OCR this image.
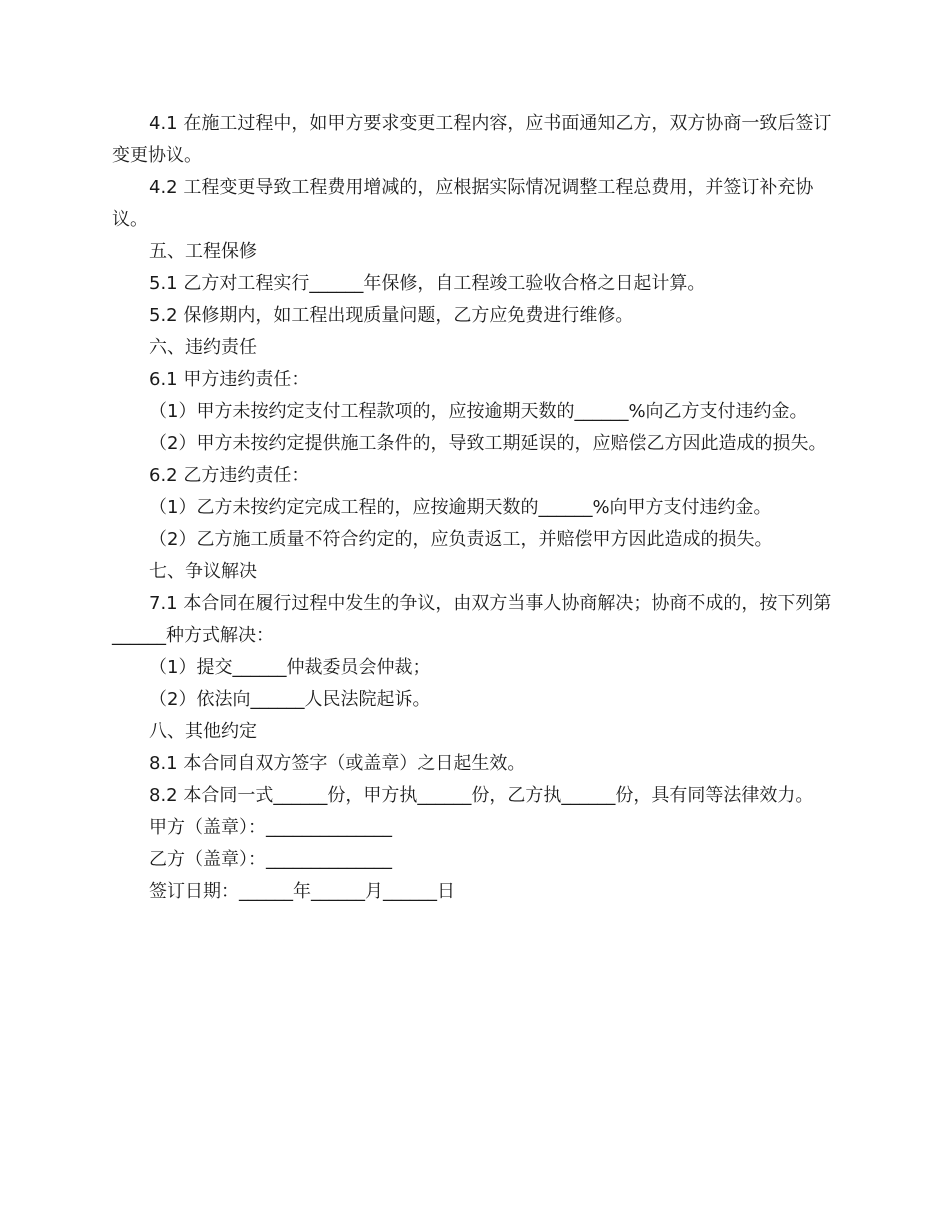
4.1 在施工过程中，如甲方要求变更工程内容，应书面通知乙方，双方协商一致后签订变更协议。

4.2 工程变更导致工程费用增减的，应根据实际情况调整工程总费用，并签订补充协议。

五、工程保修

5.1 乙方对工程实行______年保修，自工程竣工验收合格之日起计算。

5.2 保修期内，如工程出现质量问题，乙方应免费进行维修。

六、违约责任

6.1 甲方违约责任：

（1）甲方未按约定支付工程款项的，应按逾期天数的______%向乙方支付违约金。

（2）甲方未按约定提供施工条件的，导致工期延误的，应赔偿乙方因此造成的损失。

6.2 乙方违约责任：

（1）乙方未按约定完成工程的，应按逾期天数的______%向甲方支付违约金。

（2）乙方施工质量不符合约定的，应负责返工，并赔偿甲方因此造成的损失。

七、争议解决

7.1 本合同在履行过程中发生的争议，由双方当事人协商解决；协商不成的，按下列第______种方式解决：

（1）提交______仲裁委员会仲裁；

（2）依法向______人民法院起诉。

八、其他约定

8.1 本合同自双方签字（或盖章）之日起生效。

8.2 本合同一式______份，甲方执______份，乙方执______份，具有同等法律效力。

甲方（盖章）：______________

乙方（盖章）：______________

签订日期：______年______月______日
